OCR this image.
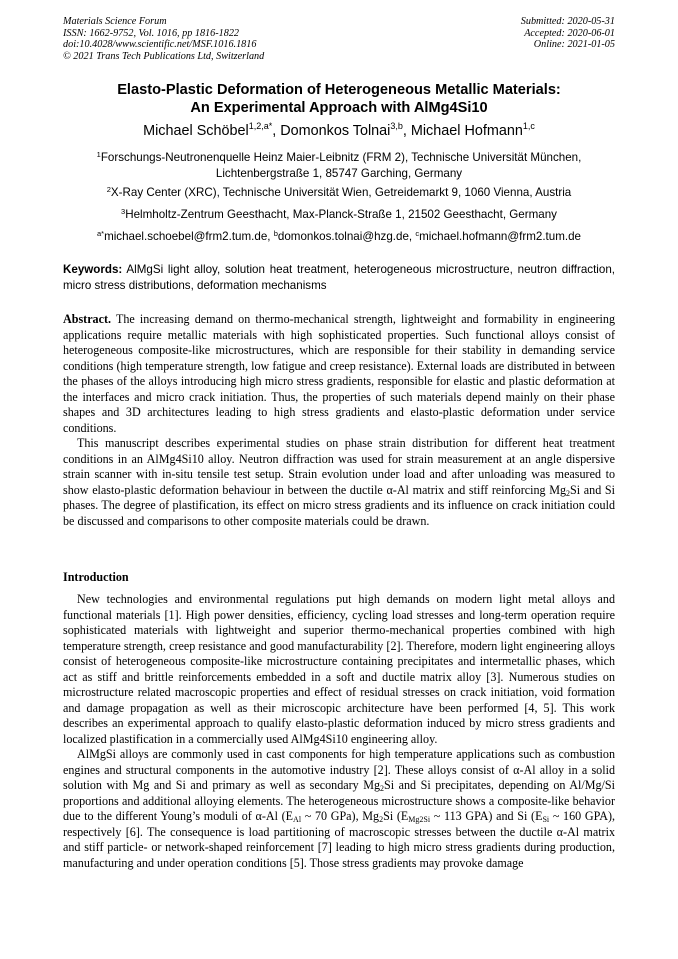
Materials Science Forum
ISSN: 1662-9752, Vol. 1016, pp 1816-1822
doi:10.4028/www.scientific.net/MSF.1016.1816
© 2021 Trans Tech Publications Ltd, Switzerland
Submitted: 2020-05-31
Accepted: 2020-06-01
Online: 2021-01-05
Elasto-Plastic Deformation of Heterogeneous Metallic Materials:
An Experimental Approach with AlMg4Si10
Michael Schöbel$^{1,2,a*}$, Domonkos Tolnai$^{3,b}$, Michael Hofmann$^{1,c}$
$^1$Forschungs-Neutronenquelle Heinz Maier-Leibnitz (FRM 2), Technische Universität München,
Lichtenbergstraße 1, 85747 Garching, Germany
$^2$X-Ray Center (XRC), Technische Universität Wien, Getreidemarkt 9, 1060 Vienna, Austria
$^3$Helmholtz-Zentrum Geesthacht, Max-Planck-Straße 1, 21502 Geesthacht, Germany
$^{a*}$michael.schoebel@frm2.tum.de, $^b$domonkos.tolnai@hzg.de, $^c$michael.hofmann@frm2.tum.de
Keywords: AlMgSi light alloy, solution heat treatment, heterogeneous microstructure, neutron diffraction, micro stress distributions, deformation mechanisms

Abstract. The increasing demand on thermo-mechanical strength, lightweight and formability in engineering applications require metallic materials with high sophisticated properties. Such functional alloys consist of heterogeneous composite-like microstructures, which are responsible for their stability in demanding service conditions (high temperature strength, low fatigue and creep resistance). External loads are distributed in between the phases of the alloys introducing high micro stress gradients, responsible for elastic and plastic deformation at the interfaces and micro crack initiation. Thus, the properties of such materials depend mainly on their phase shapes and 3D architectures leading to high stress gradients and elasto-plastic deformation under service conditions.

This manuscript describes experimental studies on phase strain distribution for different heat treatment conditions in an AlMg4Si10 alloy. Neutron diffraction was used for strain measurement at an angle dispersive strain scanner with in-situ tensile test setup. Strain evolution under load and after unloading was measured to show elasto-plastic deformation behaviour in between the ductile α-Al matrix and stiff reinforcing $Mg_2Si$ and Si phases. The degree of plastification, its effect on micro stress gradients and its influence on crack initiation could be discussed and comparisons to other composite materials could be drawn.

Introduction

New technologies and environmental regulations put high demands on modern light metal alloys and functional materials [1]. High power densities, efficiency, cycling load stresses and long-term operation require sophisticated materials with lightweight and superior thermo-mechanical properties combined with high temperature strength, creep resistance and good manufacturability [2]. Therefore, modern light engineering alloys consist of heterogeneous composite-like microstructure containing precipitates and intermetallic phases, which act as stiff and brittle reinforcements embedded in a soft and ductile matrix alloy [3]. Numerous studies on microstructure related macroscopic properties and effect of residual stresses on crack initiation, void formation and damage propagation as well as their microscopic architecture have been performed [4, 5]. This work describes an experimental approach to qualify elasto-plastic deformation induced by micro stress gradients and localized plastification in a commercially used AlMg4Si10 engineering alloy.

AlMgSi alloys are commonly used in cast components for high temperature applications such as combustion engines and structural components in the automotive industry [2]. These alloys consist of α-Al alloy in a solid solution with Mg and Si and primary as well as secondary $Mg_2Si$ and Si precipitates, depending on Al/Mg/Si proportions and additional alloying elements. The heterogeneous microstructure shows a composite-like behavior due to the different Young’s moduli of α-Al ($E_{Al}$ ~ 70 GPa), $Mg_2Si$ ($E_{Mg2Si}$ ~ 113 GPA) and Si ($E_{Si}$ ~ 160 GPA), respectively [6]. The consequence is load partitioning of macroscopic stresses between the ductile α-Al matrix and stiff particle- or network-shaped reinforcement [7] leading to high micro stress gradients during production, manufacturing and under operation conditions [5]. Those stress gradients may provoke damage
